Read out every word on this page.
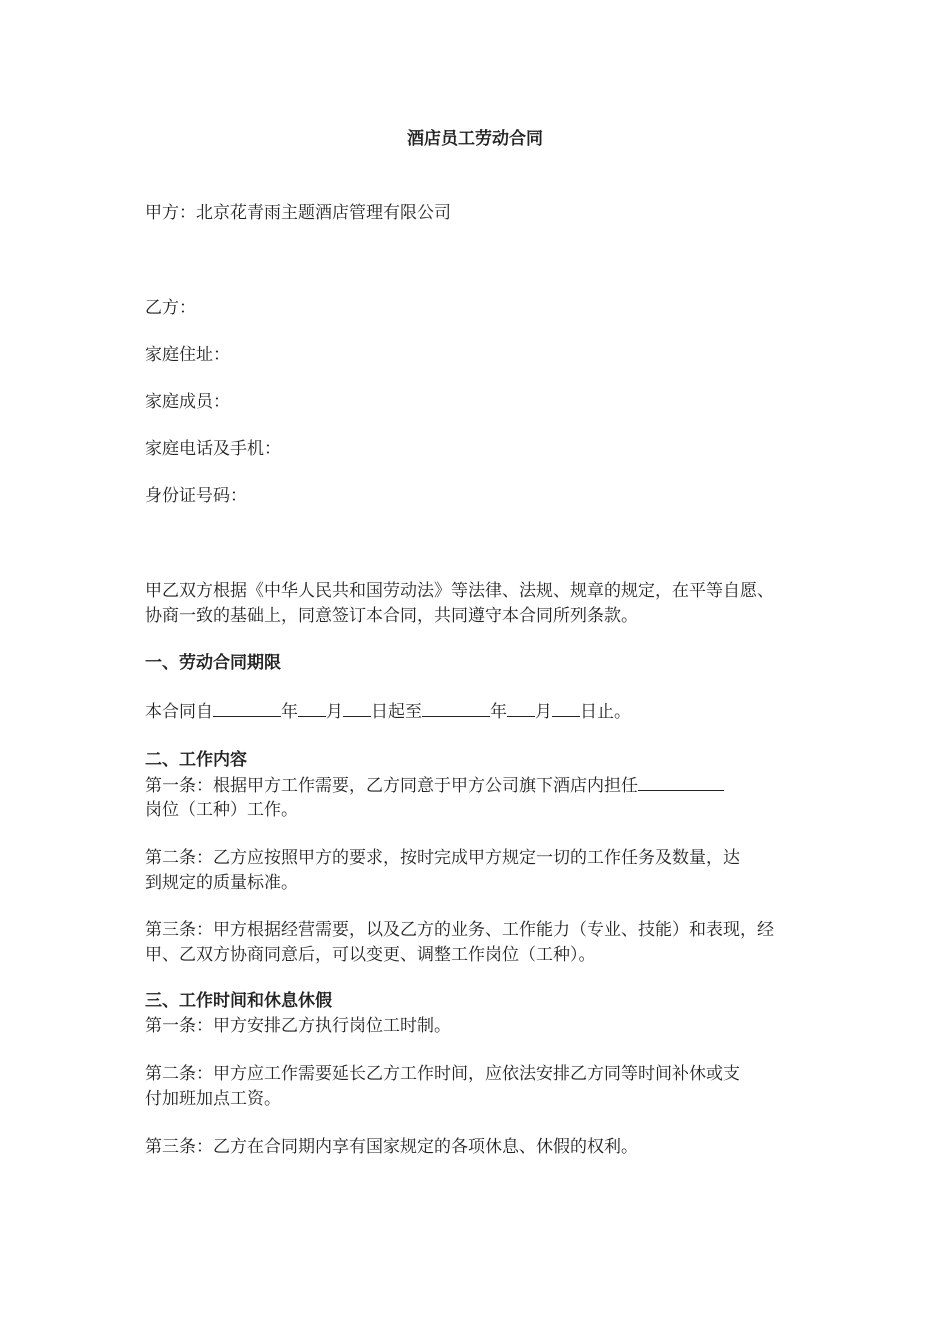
酒店员工劳动合同

甲方：北京花青雨主题酒店管理有限公司

乙方：

家庭住址：

家庭成员：

家庭电话及手机：

身份证号码：

甲乙双方根据《中华人民共和国劳动法》等法律、法规、规章的规定，在平等自愿、

协商一致的基础上，同意签订本合同，共同遵守本合同所列条款。

一、劳动合同期限

本合同自	年 月 日起至	年 月 日止。

二、工作内容

第一条：根据甲方工作需要，乙方同意于甲方公司旗下酒店内担任

岗位（工种）工作。

第二条：乙方应按照甲方的要求，按时完成甲方规定一切的工作任务及数量，达

到规定的质量标准。

第三条：甲方根据经营需要，以及乙方的业务、工作能力（专业、技能）和表现，经

甲、乙双方协商同意后，可以变更、调整工作岗位（工种）。

三、工作时间和休息休假

第一条：甲方安排乙方执行岗位工时制。

第二条：甲方应工作需要延长乙方工作时间，应依法安排乙方同等时间补休或支

付加班加点工资。

第三条：乙方在合同期内享有国家规定的各项休息、休假的权利。
